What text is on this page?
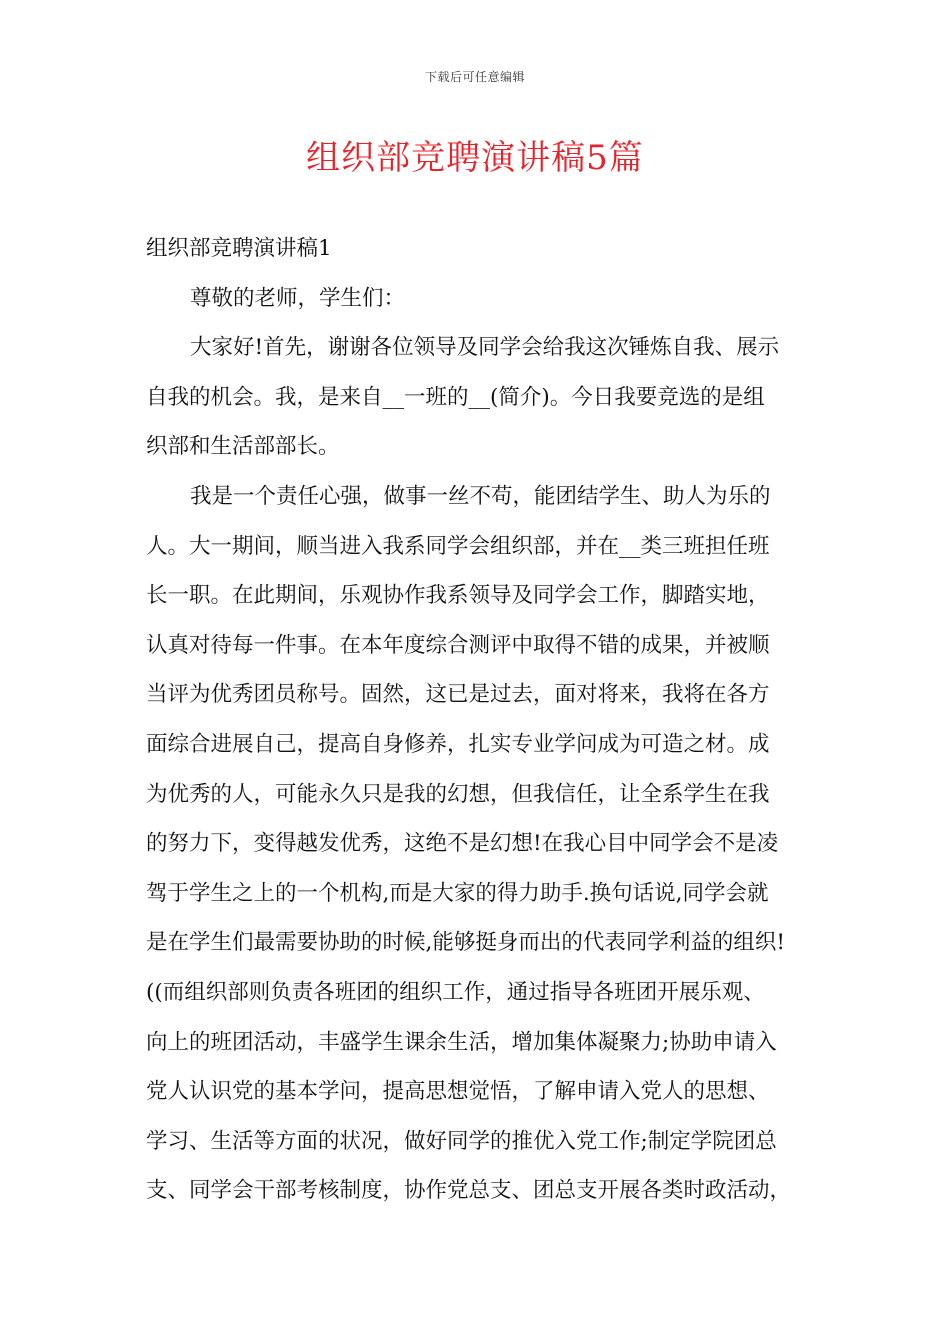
下载后可任意编辑
组织部竞聘演讲稿5篇
组织部竞聘演讲稿1
尊敬的老师，学生们：
大家好!首先，谢谢各位领导及同学会给我这次锤炼自我、展示
自我的机会。我，是来自__一班的__(简介)。今日我要竞选的是组
织部和生活部部长。
我是一个责任心强，做事一丝不苟，能团结学生、助人为乐的
人。大一期间，顺当进入我系同学会组织部，并在__类三班担任班
长一职。在此期间，乐观协作我系领导及同学会工作，脚踏实地，
认真对待每一件事。在本年度综合测评中取得不错的成果，并被顺
当评为优秀团员称号。固然，这已是过去，面对将来，我将在各方
面综合进展自己，提高自身修养，扎实专业学问成为可造之材。成
为优秀的人，可能永久只是我的幻想，但我信任，让全系学生在我
的努力下，变得越发优秀，这绝不是幻想!在我心目中同学会不是凌
驾于学生之上的一个机构,而是大家的得力助手.换句话说,同学会就
是在学生们最需要协助的时候,能够挺身而出的代表同学利益的组织!
((而组织部则负责各班团的组织工作，通过指导各班团开展乐观、
向上的班团活动，丰盛学生课余生活，增加集体凝聚力;协助申请入
党人认识党的基本学问，提高思想觉悟，了解申请入党人的思想、
学习、生活等方面的状况，做好同学的推优入党工作;制定学院团总
支、同学会干部考核制度，协作党总支、团总支开展各类时政活动，
